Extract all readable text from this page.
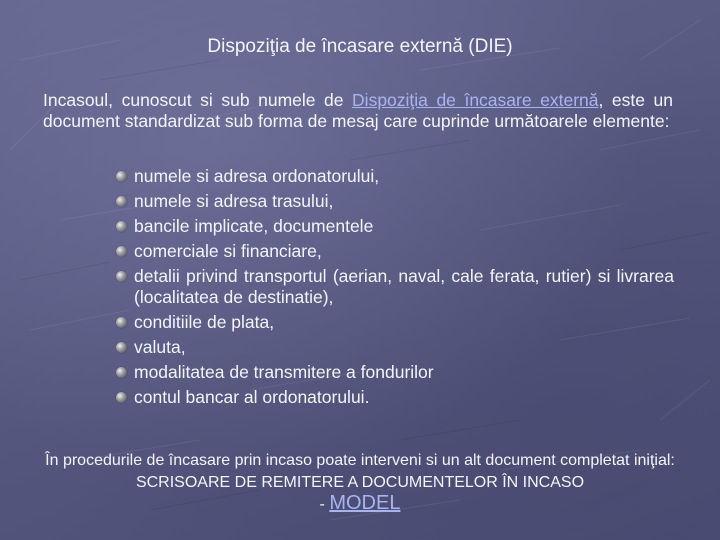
Dispoziţia de încasare externă (DIE)
Incasoul, cunoscut si sub numele de Dispoziţia de încasare externă, este un document standardizat sub forma de mesaj care cuprinde următoarele elemente:
numele si adresa ordonatorului,
numele si adresa trasului,
bancile implicate, documentele
comerciale si financiare,
detalii privind transportul (aerian, naval, cale ferata, rutier) si livrarea (localitatea de destinatie),
conditiile de plata,
valuta,
modalitatea de transmitere a fondurilor
contul bancar al ordonatorului.
În procedurile de încasare prin incaso poate interveni si un alt document completat iniţial: SCRISOARE DE REMITERE A DOCUMENTELOR ÎN INCASO
- MODEL
